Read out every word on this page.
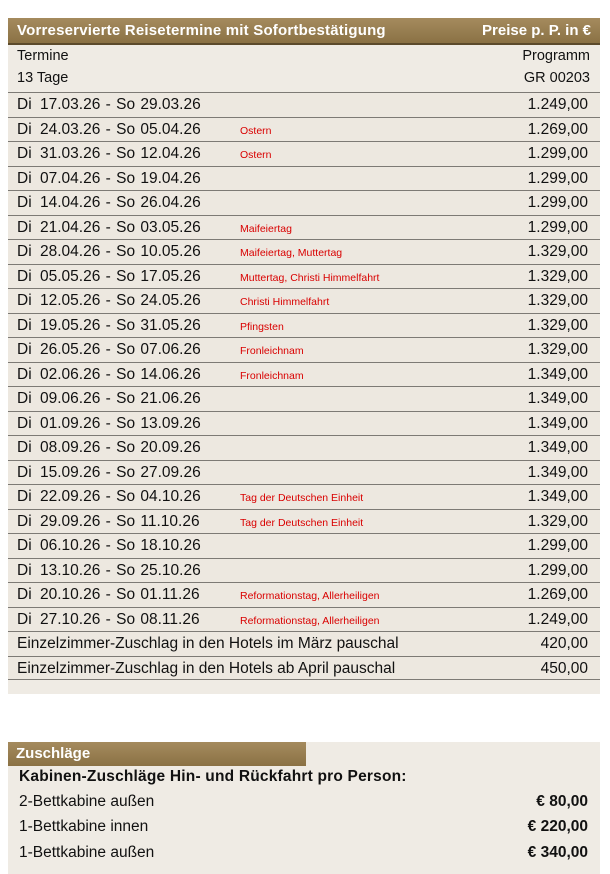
Vorreservierte Reisetermine mit Sofortbestätigung	Preise p. P. in €
Termine	Programm
13 Tage	GR 00203
Di 17.03.26 - So 29.03.26	1.249,00
Di 24.03.26 - So 05.04.26	Ostern	1.269,00
Di 31.03.26 - So 12.04.26	Ostern	1.299,00
Di 07.04.26 - So 19.04.26	1.299,00
Di 14.04.26 - So 26.04.26	1.299,00
Di 21.04.26 - So 03.05.26	Maifeiertag	1.299,00
Di 28.04.26 - So 10.05.26	Maifeiertag, Muttertag	1.329,00
Di 05.05.26 - So 17.05.26	Muttertag, Christi Himmelfahrt	1.329,00
Di 12.05.26 - So 24.05.26	Christi Himmelfahrt	1.329,00
Di 19.05.26 - So 31.05.26	Pfingsten	1.329,00
Di 26.05.26 - So 07.06.26	Fronleichnam	1.329,00
Di 02.06.26 - So 14.06.26	Fronleichnam	1.349,00
Di 09.06.26 - So 21.06.26	1.349,00
Di 01.09.26 - So 13.09.26	1.349,00
Di 08.09.26 - So 20.09.26	1.349,00
Di 15.09.26 - So 27.09.26	1.349,00
Di 22.09.26 - So 04.10.26	Tag der Deutschen Einheit	1.349,00
Di 29.09.26 - So 11.10.26	Tag der Deutschen Einheit	1.329,00
Di 06.10.26 - So 18.10.26	1.299,00
Di 13.10.26 - So 25.10.26	1.299,00
Di 20.10.26 - So 01.11.26	Reformationstag, Allerheiligen	1.269,00
Di 27.10.26 - So 08.11.26	Reformationstag, Allerheiligen	1.249,00
Einzelzimmer-Zuschlag in den Hotels im März pauschal	420,00
Einzelzimmer-Zuschlag in den Hotels ab April pauschal	450,00
Zuschläge
Kabinen-Zuschläge Hin- und Rückfahrt pro Person:
2-Bettkabine außen	€ 80,00
1-Bettkabine innen	€ 220,00
1-Bettkabine außen	€ 340,00
